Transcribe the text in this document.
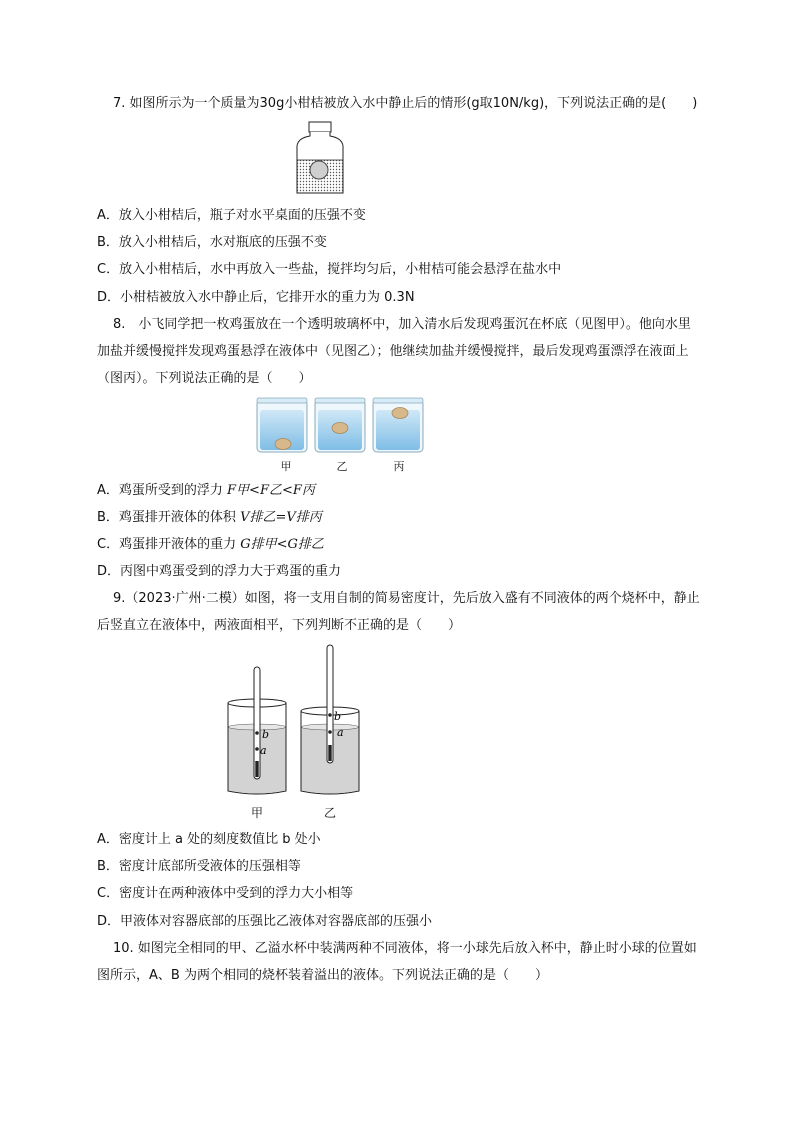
7. 如图所示为一个质量为30g小柑桔被放入水中静止后的情形(g取10N/kg)，下列说法正确的是(　　)
A．放入小柑桔后，瓶子对水平桌面的压强不变
B．放入小柑桔后，水对瓶底的压强不变
C．放入小柑桔后，水中再放入一些盐，搅拌均匀后，小柑桔可能会悬浮在盐水中
D．小柑桔被放入水中静止后，它排开水的重力为 0.3N
8.　小飞同学把一枚鸡蛋放在一个透明玻璃杯中，加入清水后发现鸡蛋沉在杯底（见图甲）。他向水里
加盐并缓慢搅拌发现鸡蛋悬浮在液体中（见图乙）；他继续加盐并缓慢搅拌，最后发现鸡蛋漂浮在液面上
（图丙）。下列说法正确的是（　　）
甲	乙	丙
A．鸡蛋所受到的浮力 F甲<F乙<F丙
B．鸡蛋排开液体的体积 V排乙=V排丙
C．鸡蛋排开液体的重力 G排甲<G排乙
D．丙图中鸡蛋受到的浮力大于鸡蛋的重力
9.（2023·广州·二模）如图，将一支用自制的简易密度计，先后放入盛有不同液体的两个烧杯中，静止
后竖直立在液体中，两液面相平，下列判断不正确的是（　　）
b
a
b
a
甲	乙
A．密度计上 a 处的刻度数值比 b 处小
B．密度计底部所受液体的压强相等
C．密度计在两种液体中受到的浮力大小相等
D．甲液体对容器底部的压强比乙液体对容器底部的压强小
10. 如图完全相同的甲、乙溢水杯中装满两种不同液体，将一小球先后放入杯中，静止时小球的位置如
图所示，A、B 为两个相同的烧杯装着溢出的液体。下列说法正确的是（　　）
